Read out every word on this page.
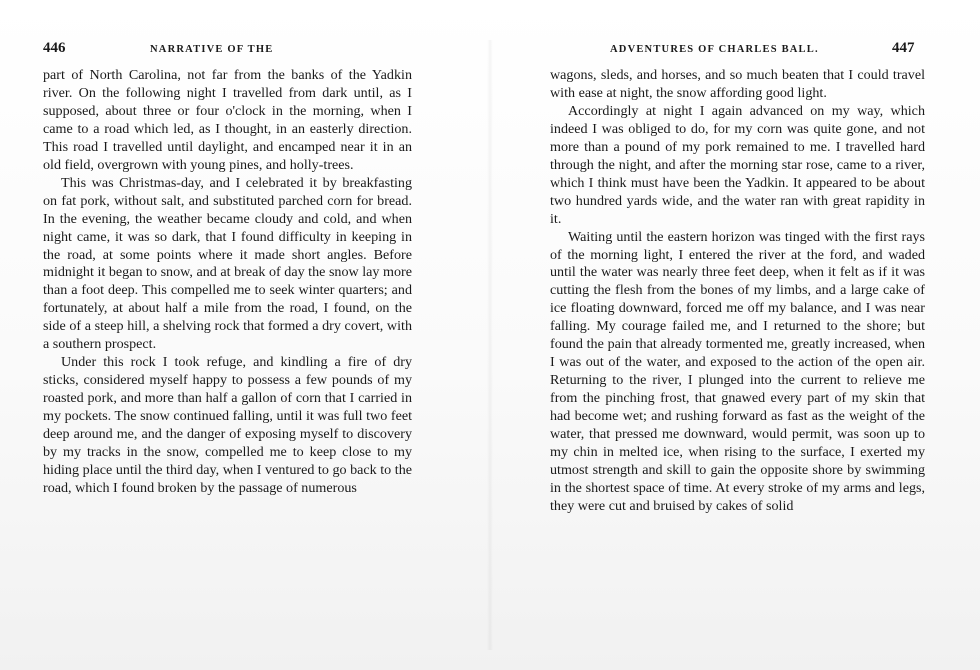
446	NARRATIVE OF THE

part of North Carolina, not far from the banks of the Yadkin river. On the following night I travelled from dark until, as I supposed, about three or four o'clock in the morning, when I came to a road which led, as I thought, in an easterly direction. This road I travelled until daylight, and encamped near it in an old field, overgrown with young pines, and holly-trees.

This was Christmas-day, and I celebrated it by breakfasting on fat pork, without salt, and substituted parched corn for bread. In the evening, the weather became cloudy and cold, and when night came, it was so dark, that I found difficulty in keeping in the road, at some points where it made short angles. Before midnight it began to snow, and at break of day the snow lay more than a foot deep. This compelled me to seek winter quarters; and fortunately, at about half a mile from the road, I found, on the side of a steep hill, a shelving rock that formed a dry covert, with a southern prospect.

Under this rock I took refuge, and kindling a fire of dry sticks, considered myself happy to possess a few pounds of my roasted pork, and more than half a gallon of corn that I carried in my pockets. The snow continued falling, until it was full two feet deep around me, and the danger of exposing myself to discovery by my tracks in the snow, compelled me to keep close to my hiding place until the third day, when I ventured to go back to the road, which I found broken by the passage of numerous

ADVENTURES OF CHARLES BALL.	447

wagons, sleds, and horses, and so much beaten that I could travel with ease at night, the snow affording good light.

Accordingly at night I again advanced on my way, which indeed I was obliged to do, for my corn was quite gone, and not more than a pound of my pork remained to me. I travelled hard through the night, and after the morning star rose, came to a river, which I think must have been the Yadkin. It appeared to be about two hundred yards wide, and the water ran with great rapidity in it.

Waiting until the eastern horizon was tinged with the first rays of the morning light, I entered the river at the ford, and waded until the water was nearly three feet deep, when it felt as if it was cutting the flesh from the bones of my limbs, and a large cake of ice floating downward, forced me off my balance, and I was near falling. My courage failed me, and I returned to the shore; but found the pain that already tormented me, greatly increased, when I was out of the water, and exposed to the action of the open air. Returning to the river, I plunged into the current to relieve me from the pinching frost, that gnawed every part of my skin that had become wet; and rushing forward as fast as the weight of the water, that pressed me downward, would permit, was soon up to my chin in melted ice, when rising to the surface, I exerted my utmost strength and skill to gain the opposite shore by swimming in the shortest space of time. At every stroke of my arms and legs, they were cut and bruised by cakes of solid
